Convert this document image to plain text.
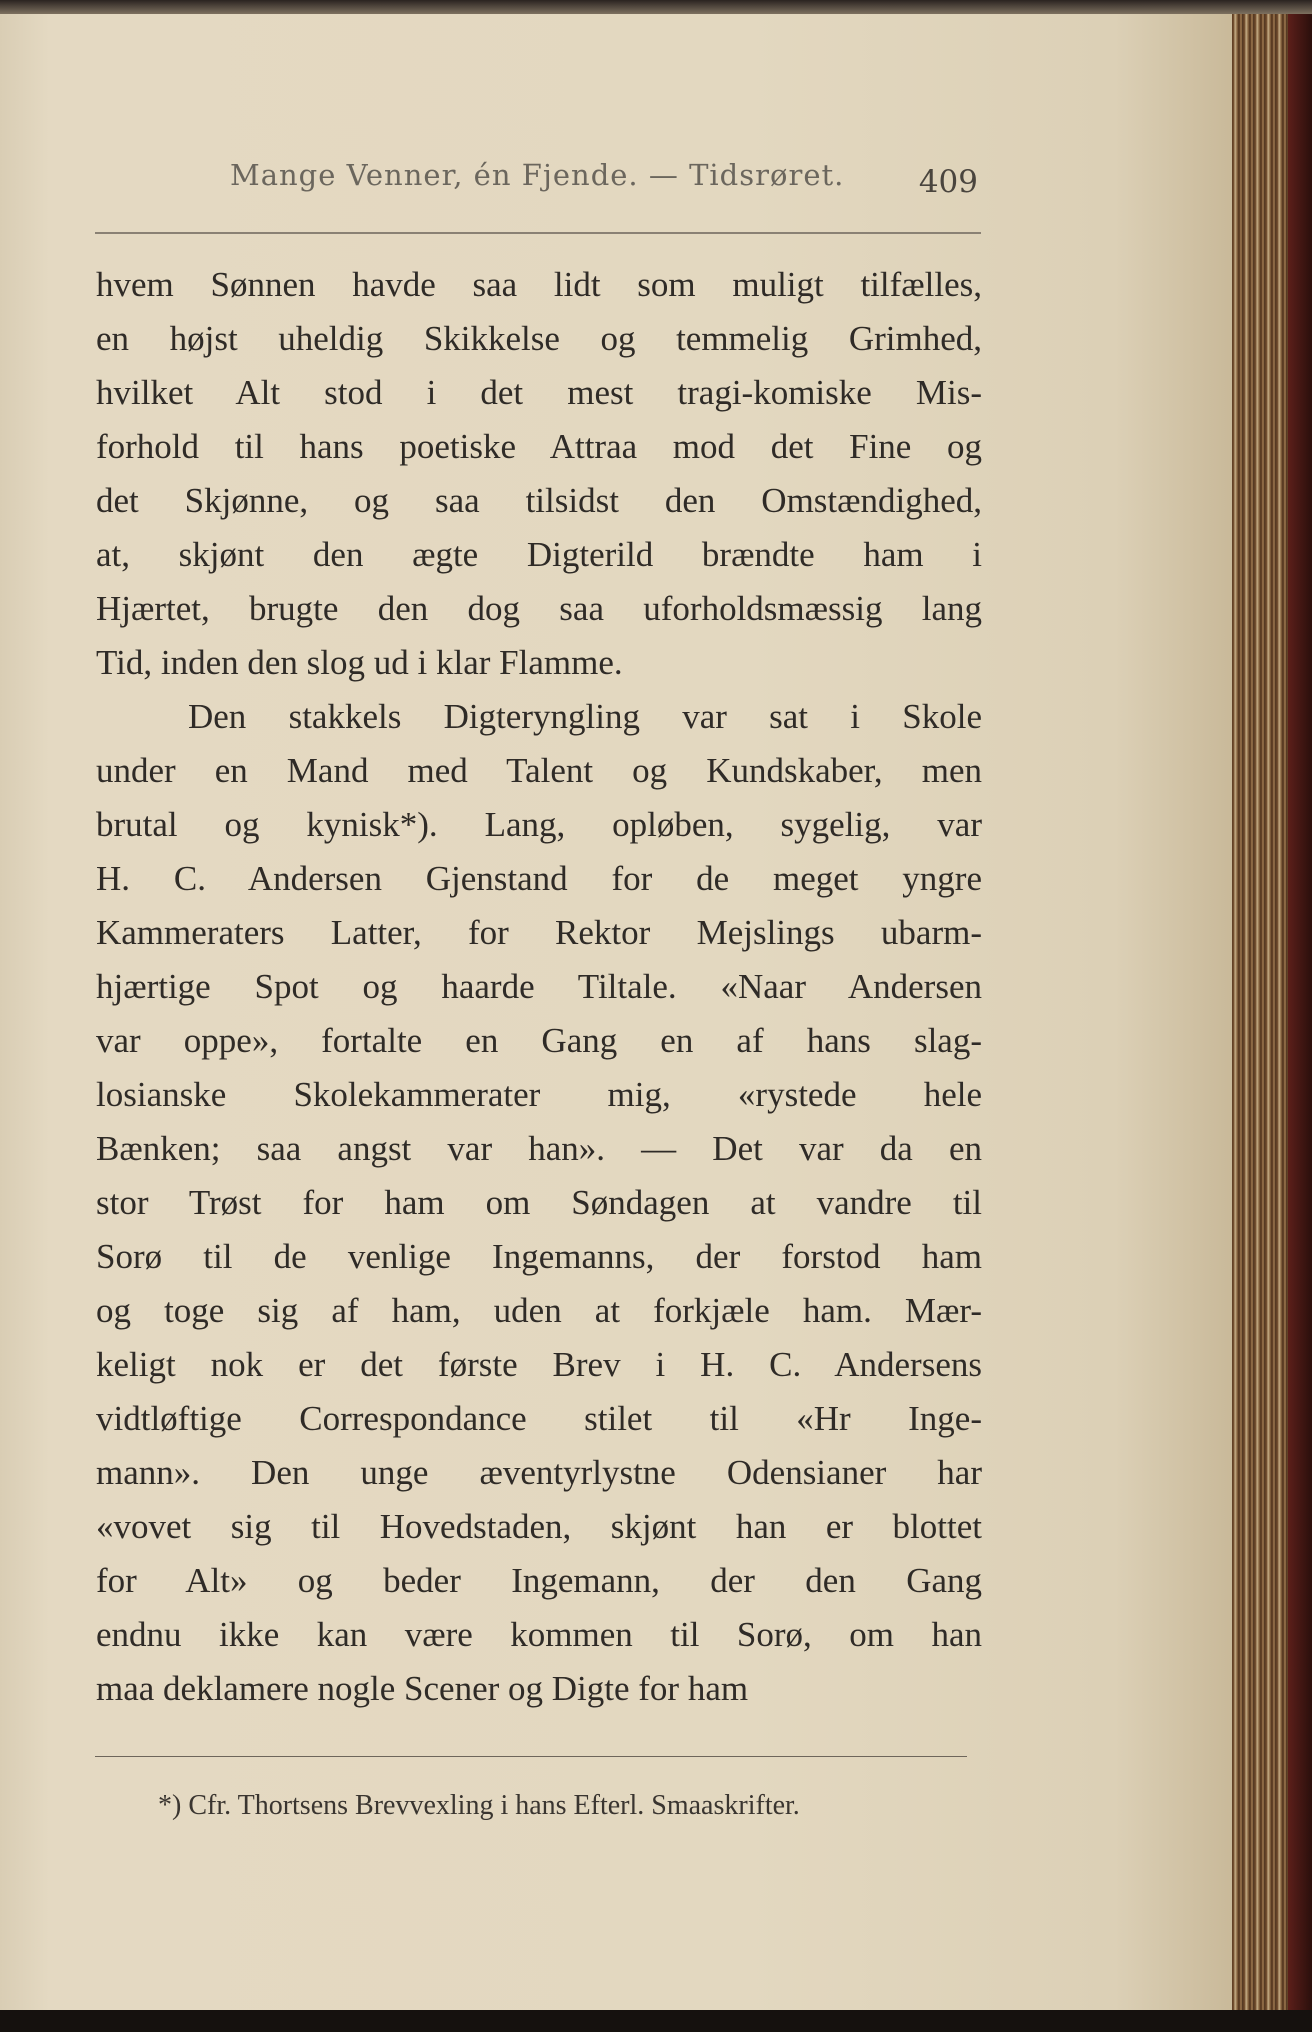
Mange Venner, én Fjende. — Tidsrøret. 409
hvem Sønnen havde saa lidt som muligt tilfælles,
en højst uheldig Skikkelse og temmelig Grimhed,
hvilket Alt stod i det mest tragi-komiske Mis-
forhold til hans poetiske Attraa mod det Fine og
det Skjønne, og saa tilsidst den Omstændighed,
at, skjønt den ægte Digterild brændte ham i
Hjærtet, brugte den dog saa uforholdsmæssig lang
Tid, inden den slog ud i klar Flamme.
Den stakkels Digteryngling var sat i Skole
under en Mand med Talent og Kundskaber, men
brutal og kynisk*). Lang, opløben, sygelig, var
H. C. Andersen Gjenstand for de meget yngre
Kammeraters Latter, for Rektor Mejslings ubarm-
hjærtige Spot og haarde Tiltale. «Naar Andersen
var oppe», fortalte en Gang en af hans slag-
losianske Skolekammerater mig, «rystede hele
Bænken; saa angst var han». — Det var da en
stor Trøst for ham om Søndagen at vandre til
Sorø til de venlige Ingemanns, der forstod ham
og toge sig af ham, uden at forkjæle ham. Mær-
keligt nok er det første Brev i H. C. Andersens
vidtløftige Correspondance stilet til «Hr Inge-
mann». Den unge æventyrlystne Odensianer har
«vovet sig til Hovedstaden, skjønt han er blottet
for Alt» og beder Ingemann, der den Gang
endnu ikke kan være kommen til Sorø, om han
maa deklamere nogle Scener og Digte for ham
*) Cfr. Thortsens Brevvexling i hans Efterl. Smaaskrifter.
